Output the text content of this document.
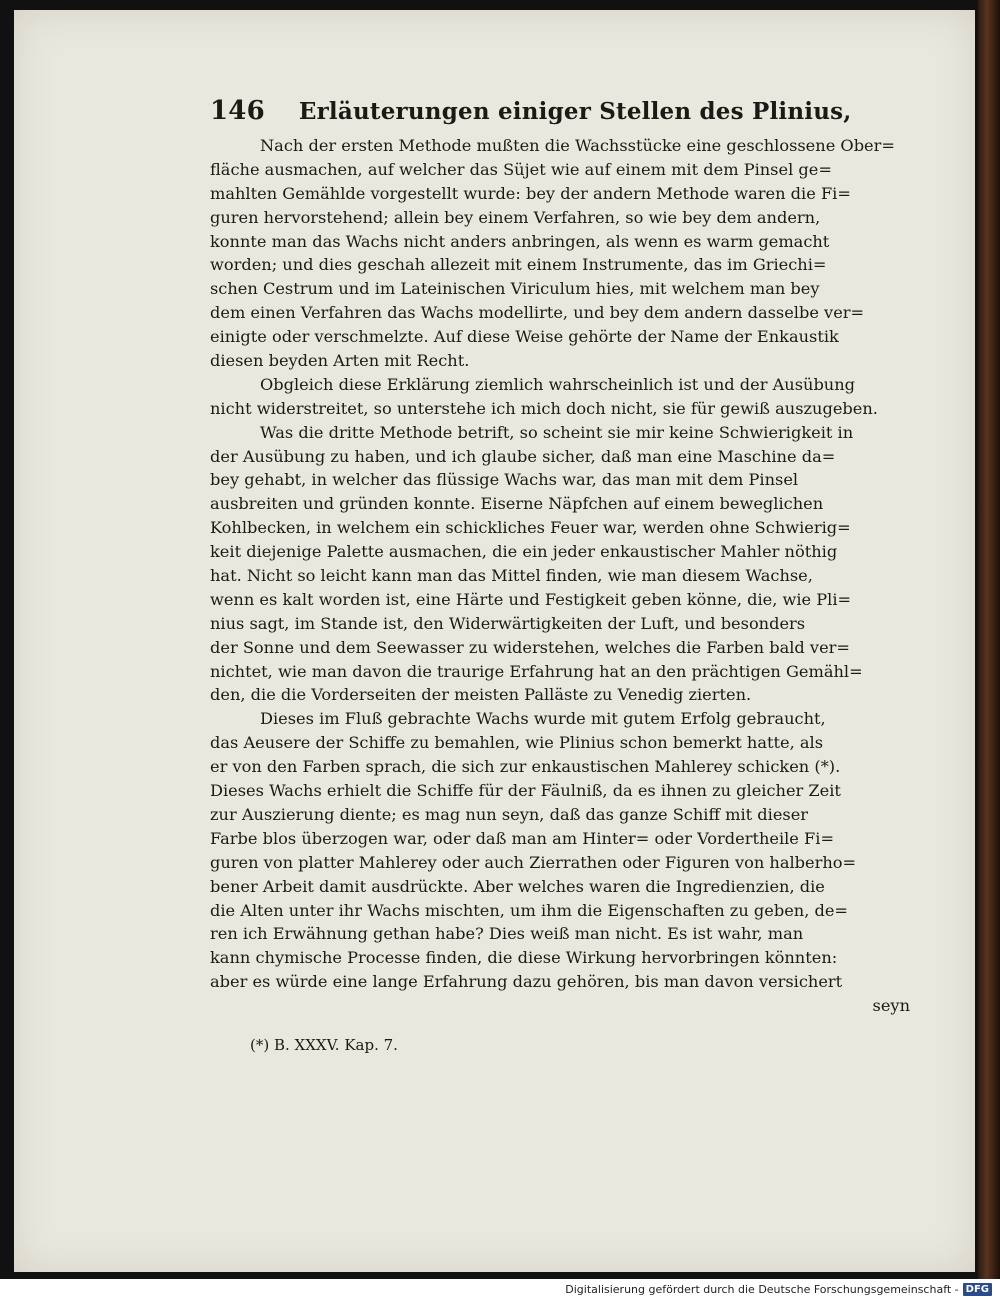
146 Erläuterungen einiger Stellen des Plinius,
Nach der ersten Methode mußten die Wachsstücke eine geschlossene Ober=
fläche ausmachen, auf welcher das Süjet wie auf einem mit dem Pinsel ge=
mahlten Gemählde vorgestellt wurde: bey der andern Methode waren die Fi=
guren hervorstehend; allein bey einem Verfahren, so wie bey dem andern,
konnte man das Wachs nicht anders anbringen, als wenn es warm gemacht
worden; und dies geschah allezeit mit einem Instrumente, das im Griechi=
schen Cestrum und im Lateinischen Viriculum hies, mit welchem man bey
dem einen Verfahren das Wachs modellirte, und bey dem andern dasselbe ver=
einigte oder verschmelzte. Auf diese Weise gehörte der Name der Enkaustik
diesen beyden Arten mit Recht.
Obgleich diese Erklärung ziemlich wahrscheinlich ist und der Ausübung
nicht widerstreitet, so unterstehe ich mich doch nicht, sie für gewiß auszugeben.
Was die dritte Methode betrift, so scheint sie mir keine Schwierigkeit in
der Ausübung zu haben, und ich glaube sicher, daß man eine Maschine da=
bey gehabt, in welcher das flüssige Wachs war, das man mit dem Pinsel
ausbreiten und gründen konnte. Eiserne Näpfchen auf einem beweglichen
Kohlbecken, in welchem ein schickliches Feuer war, werden ohne Schwierig=
keit diejenige Palette ausmachen, die ein jeder enkaustischer Mahler nöthig
hat. Nicht so leicht kann man das Mittel finden, wie man diesem Wachse,
wenn es kalt worden ist, eine Härte und Festigkeit geben könne, die, wie Pli=
nius sagt, im Stande ist, den Widerwärtigkeiten der Luft, und besonders
der Sonne und dem Seewasser zu widerstehen, welches die Farben bald ver=
nichtet, wie man davon die traurige Erfahrung hat an den prächtigen Gemähl=
den, die die Vorderseiten der meisten Palläste zu Venedig zierten.
Dieses im Fluß gebrachte Wachs wurde mit gutem Erfolg gebraucht,
das Aeusere der Schiffe zu bemahlen, wie Plinius schon bemerkt hatte, als
er von den Farben sprach, die sich zur enkaustischen Mahlerey schicken (*).
Dieses Wachs erhielt die Schiffe für der Fäulniß, da es ihnen zu gleicher Zeit
zur Auszierung diente; es mag nun seyn, daß das ganze Schiff mit dieser
Farbe blos überzogen war, oder daß man am Hinter= oder Vordertheile Fi=
guren von platter Mahlerey oder auch Zierrathen oder Figuren von halberho=
bener Arbeit damit ausdrückte. Aber welches waren die Ingredienzien, die
die Alten unter ihr Wachs mischten, um ihm die Eigenschaften zu geben, de=
ren ich Erwähnung gethan habe? Dies weiß man nicht. Es ist wahr, man
kann chymische Processe finden, die diese Wirkung hervorbringen könnten:
aber es würde eine lange Erfahrung dazu gehören, bis man davon versichert
seyn
(*) B. XXXV. Kap. 7.
Digitalisierung gefördert durch die Deutsche Forschungsgemeinschaft - DFG
